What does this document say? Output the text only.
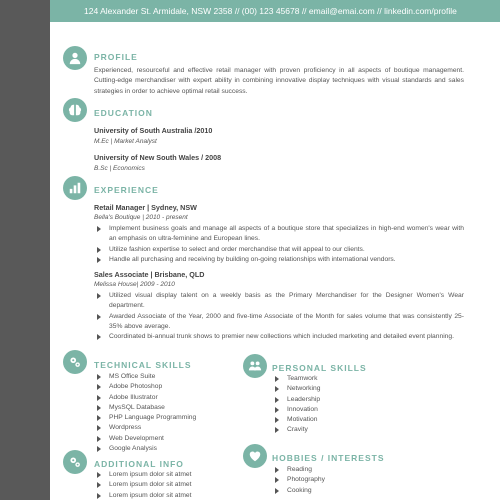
124 Alexander St. Armidale, NSW 2358 // (00) 123 45678 // email@emai.com // linkedin.com/profile
PROFILE
Experienced, resourceful and effective retail manager with proven proficiency in all aspects of boutique management. Cutting-edge merchandiser with expert ability in combining innovative display techniques with visual standards and sales strategies in order to achieve optimal retail success.
EDUCATION
University of South Australia /2010
M.Ec | Market Analyst
University of New South Wales / 2008
B.Sc | Economics
EXPERIENCE
Retail Manager | Sydney, NSW
Bella's Boutique | 2010 - present
Implement business goals and manage all aspects of a boutique store that specializes in high-end women's wear with an emphasis on ultra-feminine and European lines.
Utilize fashion expertise to select and order merchandise that will appeal to our clients.
Handle all purchasing and receiving by building on-going relationships with international vendors.
Sales Associate | Brisbane, QLD
Melissa House| 2009 - 2010
Utilized visual display talent on a weekly basis as the Primary Merchandiser for the Designer Women's Wear department.
Awarded Associate of the Year, 2000 and five-time Associate of the Month for sales volume that was consistently 25-35% above average.
Coordinated bi-annual trunk shows to premier new collections which included marketing and detailed event planning.
TECHNICAL SKILLS
MS Office Suite
Adobe Photoshop
Adobe Illustrator
MysSQL Database
PHP Language Programming
Wordpress
Web Development
Google Analysis
PERSONAL SKILLS
Teamwork
Networking
Leadership
Innovation
Motivation
Cravity
ADDITIONAL INFO
Lorem ipsum dolor sit atmet
Lorem ipsum dolor sit atmet
Lorem ipsum dolor sit atmet
HOBBIES / INTERESTS
Reading
Photography
Cooking
